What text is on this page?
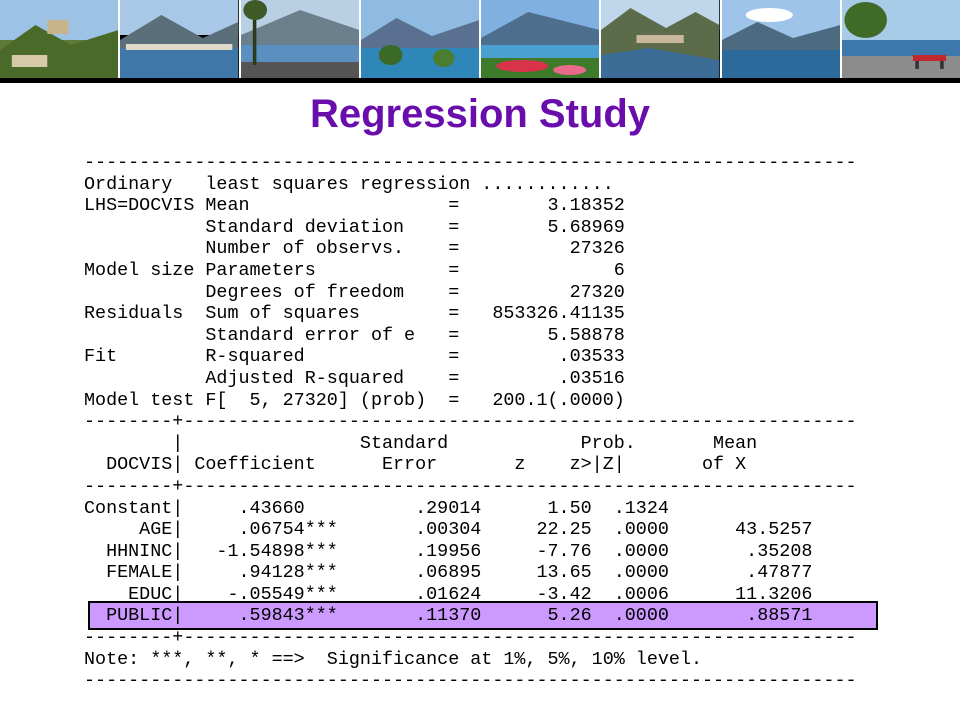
Regression Study
----------------------------------------------------------------------
Ordinary   least squares regression ............
LHS=DOCVIS Mean                  =        3.18352
Standard deviation    =        5.68969
Number of observs.    =          27326
Model size Parameters            =              6
Degrees of freedom    =          27320
Residuals  Sum of squares        =   853326.41135
Standard error of e   =        5.58878
Fit        R-squared             =         .03533
Adjusted R-squared    =         .03516
Model test F[  5, 27320] (prob)  =   200.1(.0000)
--------+-------------------------------------------------------------
|                Standard            Prob.       Mean
DOCVIS| Coefficient      Error       z    z>|Z|       of X
--------+-------------------------------------------------------------
Constant|     .43660          .29014      1.50  .1324
AGE|     .06754***       .00304     22.25  .0000      43.5257
HHNINC|   -1.54898***       .19956     -7.76  .0000       .35208
FEMALE|     .94128***       .06895     13.65  .0000       .47877
EDUC|    -.05549***       .01624     -3.42  .0006      11.3206
PUBLIC|     .59843***       .11370      5.26  .0000       .88571
--------+-------------------------------------------------------------
Note: ***, **, * ==>  Significance at 1%, 5%, 10% level.
----------------------------------------------------------------------
